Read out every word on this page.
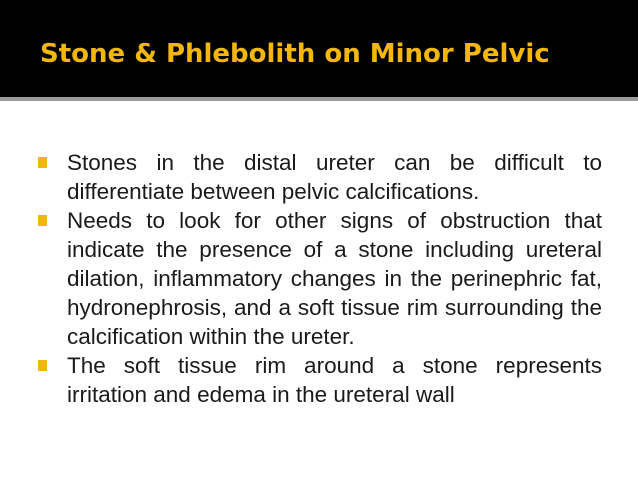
Stone & Phlebolith on Minor Pelvic
Stones in the distal ureter can be difficult to differentiate between pelvic calcifications.
Needs to look for other signs of obstruction that indicate the presence of a stone including ureteral dilation, inflammatory changes in the perinephric fat, hydronephrosis, and a soft tissue rim surrounding the calcification within the ureter.
The soft tissue rim around a stone represents irritation and edema in the ureteral wall
